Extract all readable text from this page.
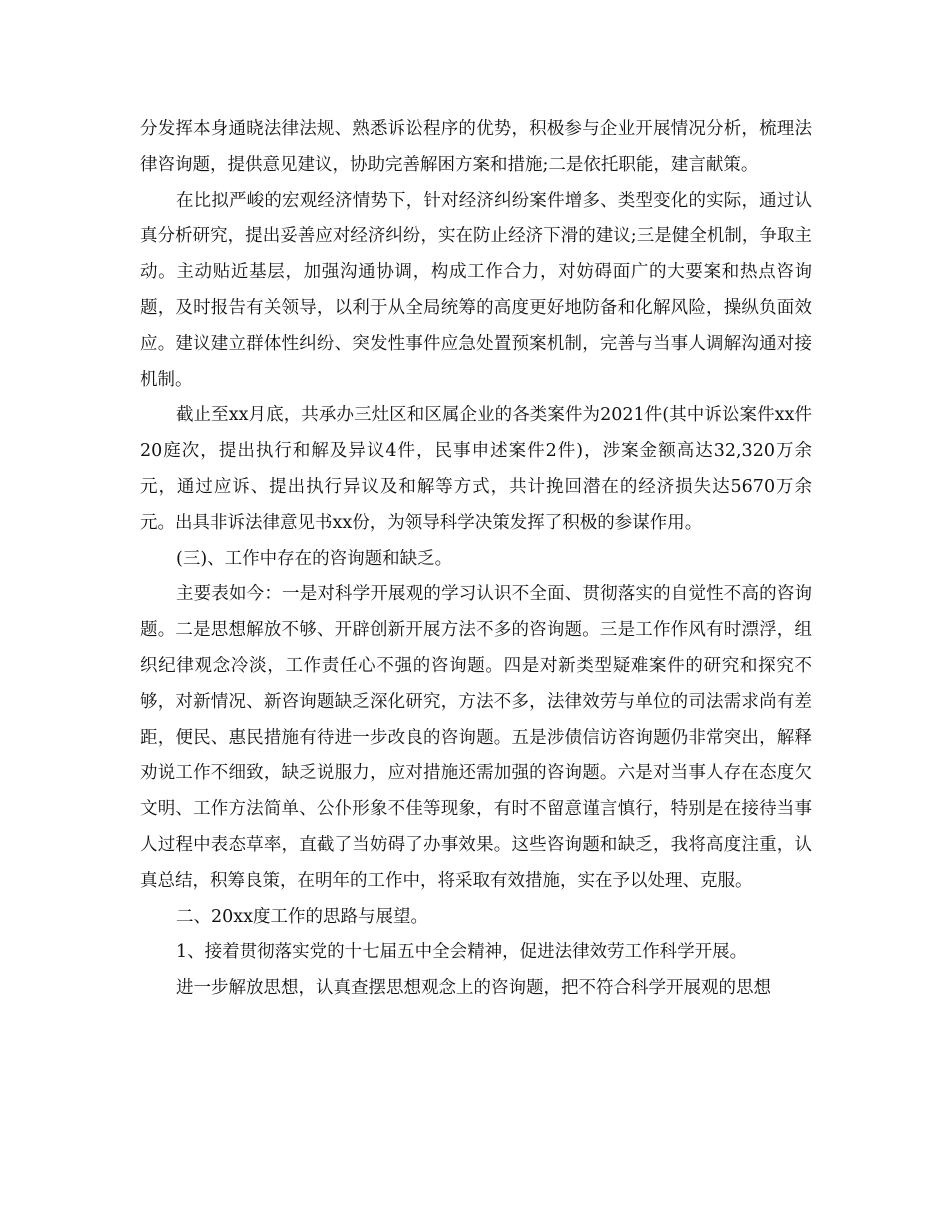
分发挥本身通晓法律法规、熟悉诉讼程序的优势，积极参与企业开展情况分析，梳理法律咨询题，提供意见建议，协助完善解困方案和措施;二是依托职能，建言献策。

在比拟严峻的宏观经济情势下，针对经济纠纷案件增多、类型变化的实际，通过认真分析研究，提出妥善应对经济纠纷，实在防止经济下滑的建议;三是健全机制，争取主动。主动贴近基层，加强沟通协调，构成工作合力，对妨碍面广的大要案和热点咨询题，及时报告有关领导，以利于从全局统筹的高度更好地防备和化解风险，操纵负面效应。建议建立群体性纠纷、突发性事件应急处置预案机制，完善与当事人调解沟通对接机制。

截止至xx月底，共承办三灶区和区属企业的各类案件为2021件(其中诉讼案件xx件20庭次，提出执行和解及异议4件，民事申述案件2件)，涉案金额高达32,320万余元，通过应诉、提出执行异议及和解等方式，共计挽回潜在的经济损失达5670万余元。出具非诉法律意见书xx份，为领导科学决策发挥了积极的参谋作用。

(三)、工作中存在的咨询题和缺乏。

主要表如今：一是对科学开展观的学习认识不全面、贯彻落实的自觉性不高的咨询题。二是思想解放不够、开辟创新开展方法不多的咨询题。三是工作作风有时漂浮，组织纪律观念冷淡，工作责任心不强的咨询题。四是对新类型疑难案件的研究和探究不够，对新情况、新咨询题缺乏深化研究，方法不多，法律效劳与单位的司法需求尚有差距，便民、惠民措施有待进一步改良的咨询题。五是涉债信访咨询题仍非常突出，解释劝说工作不细致，缺乏说服力，应对措施还需加强的咨询题。六是对当事人存在态度欠文明、工作方法简单、公仆形象不佳等现象，有时不留意谨言慎行，特别是在接待当事人过程中表态草率，直截了当妨碍了办事效果。这些咨询题和缺乏，我将高度注重，认真总结，积筹良策，在明年的工作中，将采取有效措施，实在予以处理、克服。

二、20xx度工作的思路与展望。

1、接着贯彻落实党的十七届五中全会精神，促进法律效劳工作科学开展。

进一步解放思想，认真查摆思想观念上的咨询题，把不符合科学开展观的思想
